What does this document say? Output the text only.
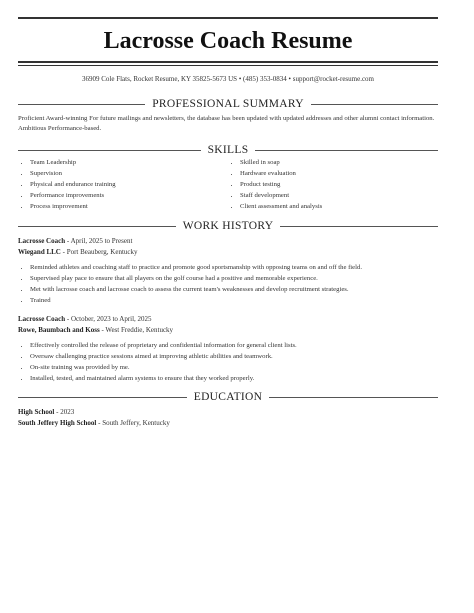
Lacrosse Coach Resume
36909 Cole Flats, Rocket Resume, KY 35825-5673 US • (485) 353-0834 • support@rocket-resume.com
PROFESSIONAL SUMMARY
Proficient Award-winning For future mailings and newsletters, the database has been updated with updated addresses and other alumni contact information. Ambitious Performance-based.
SKILLS
• Team Leadership
• Supervision
• Physical and endurance training
• Performance improvements
• Process improvement
• Skilled in soap
• Hardware evaluation
• Product testing
• Staff development
• Client assessment and analysis
WORK HISTORY
Lacrosse Coach - April, 2025 to Present
Wiegand LLC - Port Beauberg, Kentucky
• Reminded athletes and coaching staff to practice and promote good sportsmanship with opposing teams on and off the field.
• Supervised play pace to ensure that all players on the golf course had a positive and memorable experience.
• Met with lacrosse coach and lacrosse coach to assess the current team's weaknesses and develop recruitment strategies.
• Trained
Lacrosse Coach - October, 2023 to April, 2025
Rowe, Baumbach and Koss - West Freddie, Kentucky
• Effectively controlled the release of proprietary and confidential information for general client lists.
• Oversaw challenging practice sessions aimed at improving athletic abilities and teamwork.
• On-site training was provided by me.
• Installed, tested, and maintained alarm systems to ensure that they worked properly.
EDUCATION
High School - 2023
South Jeffery High School - South Jeffery, Kentucky
